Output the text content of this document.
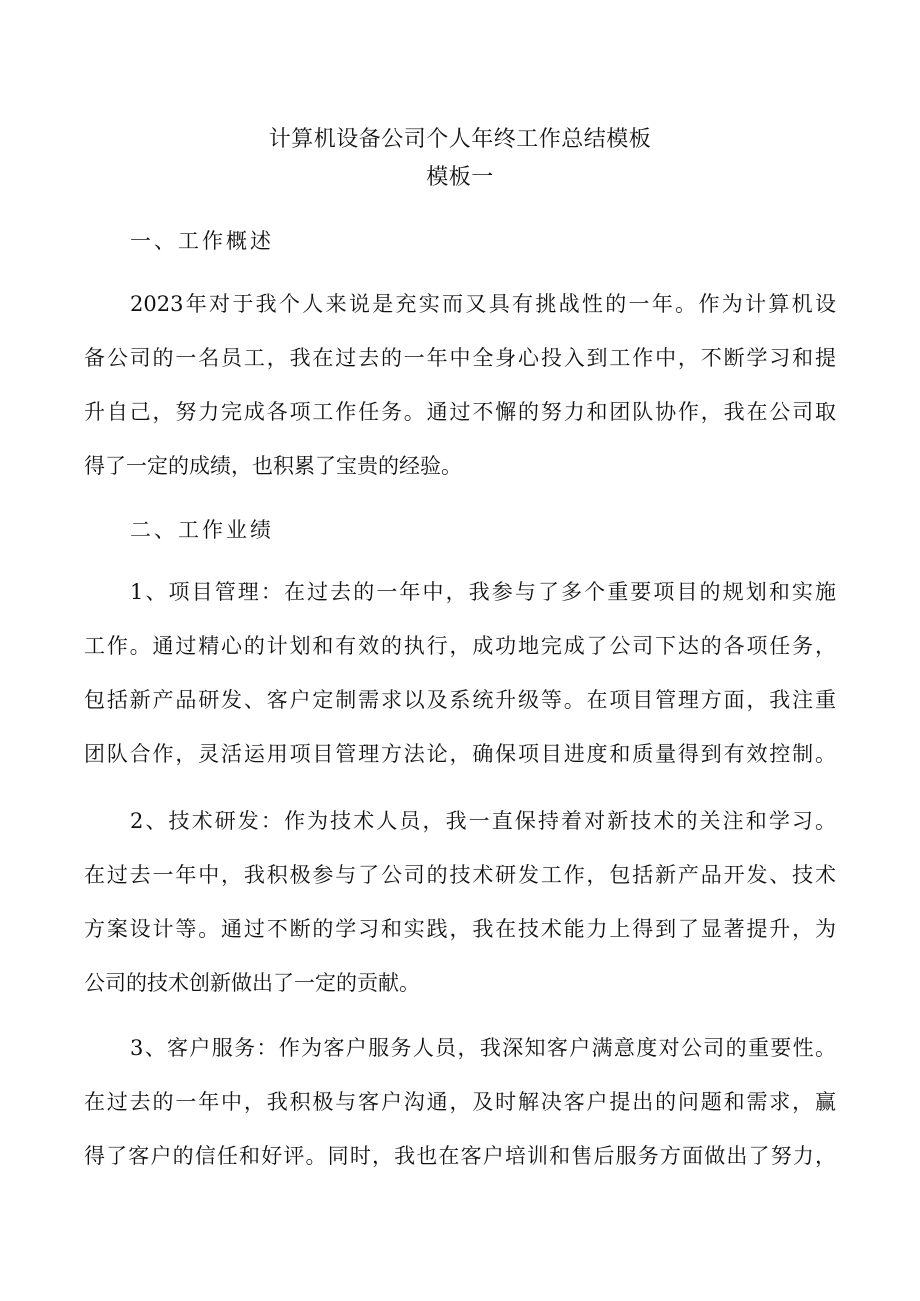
计算机设备公司个人年终工作总结模板
模板一
一、工作概述
2023年对于我个人来说是充实而又具有挑战性的一年。作为计算机设
备公司的一名员工，我在过去的一年中全身心投入到工作中，不断学习和提
升自己，努力完成各项工作任务。通过不懈的努力和团队协作，我在公司取
得了一定的成绩，也积累了宝贵的经验。
二、工作业绩
1、项目管理：在过去的一年中，我参与了多个重要项目的规划和实施
工作。通过精心的计划和有效的执行，成功地完成了公司下达的各项任务，
包括新产品研发、客户定制需求以及系统升级等。在项目管理方面，我注重
团队合作，灵活运用项目管理方法论，确保项目进度和质量得到有效控制。
2、技术研发：作为技术人员，我一直保持着对新技术的关注和学习。
在过去一年中，我积极参与了公司的技术研发工作，包括新产品开发、技术
方案设计等。通过不断的学习和实践，我在技术能力上得到了显著提升，为
公司的技术创新做出了一定的贡献。
3、客户服务：作为客户服务人员，我深知客户满意度对公司的重要性。
在过去的一年中，我积极与客户沟通，及时解决客户提出的问题和需求，赢
得了客户的信任和好评。同时，我也在客户培训和售后服务方面做出了努力，
